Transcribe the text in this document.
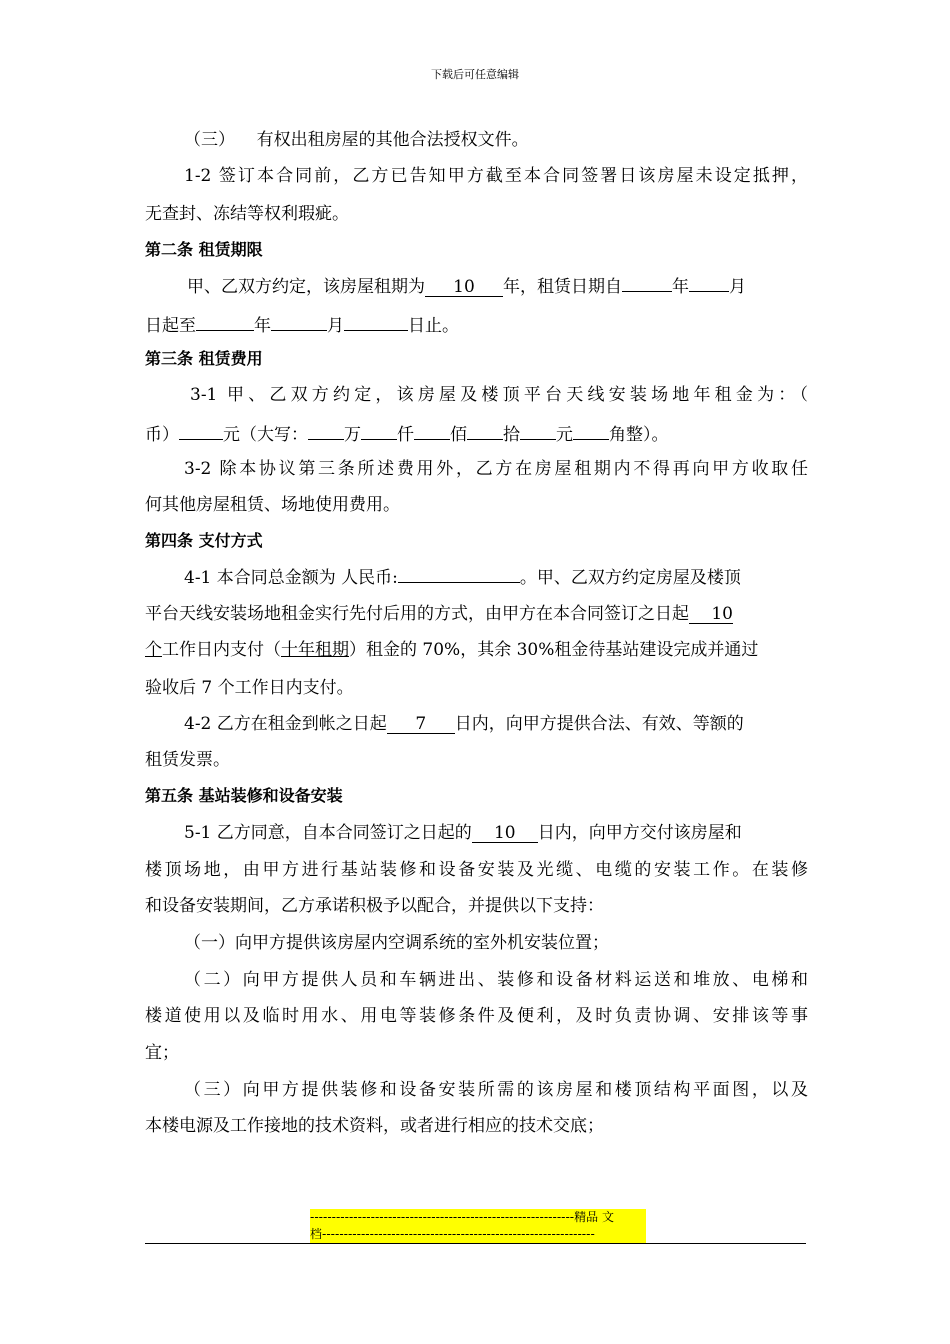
下载后可任意编辑
（三） 有权出租房屋的其他合法授权文件。
1-2 签订本合同前，乙方已告知甲方截至本合同签署日该房屋未设定抵押，
无查封、冻结等权利瑕疵。
第二条 租赁期限
甲、乙双方约定，该房屋租期为 10 年，租赁日期自	年 月
日起至	年	月	日止。
第三条 租赁费用
3-1 甲、乙双方约定，该房屋及楼顶平台天线安装场地年租金为：（
币）	元（大写： 万 仟 佰 拾 元 角整）。
3-2 除本协议第三条所述费用外，乙方在房屋租期内不得再向甲方收取任
何其他房屋租赁、场地使用费用。
第四条 支付方式
4-1 本合同总金额为 人民币:	。甲、乙双方约定房屋及楼顶
平台天线安装场地租金实行先付后用的方式，由甲方在本合同签订之日起 10
个工作日内支付（十年租期）租金的 70%，其余 30%租金待基站建设完成并通过
验收后 7 个工作日内支付。
4-2 乙方在租金到帐之日起 7 日内，向甲方提供合法、有效、等额的
租赁发票。
第五条 基站装修和设备安装
5-1 乙方同意，自本合同签订之日起的 10 日内，向甲方交付该房屋和
楼顶场地，由甲方进行基站装修和设备安装及光缆、电缆的安装工作。在装修
和设备安装期间，乙方承诺积极予以配合，并提供以下支持：
（一）向甲方提供该房屋内空调系统的室外机安装位置；
（二）向甲方提供人员和车辆进出、装修和设备材料运送和堆放、电梯和
楼道使用以及临时用水、用电等装修条件及便利，及时负责协调、安排该等事
宜；
（三）向甲方提供装修和设备安装所需的该房屋和楼顶结构平面图，以及
本楼电源及工作接地的技术资料，或者进行相应的技术交底；
-------------------------------------------------------------精品 文
档---------------------------------------------------------------
